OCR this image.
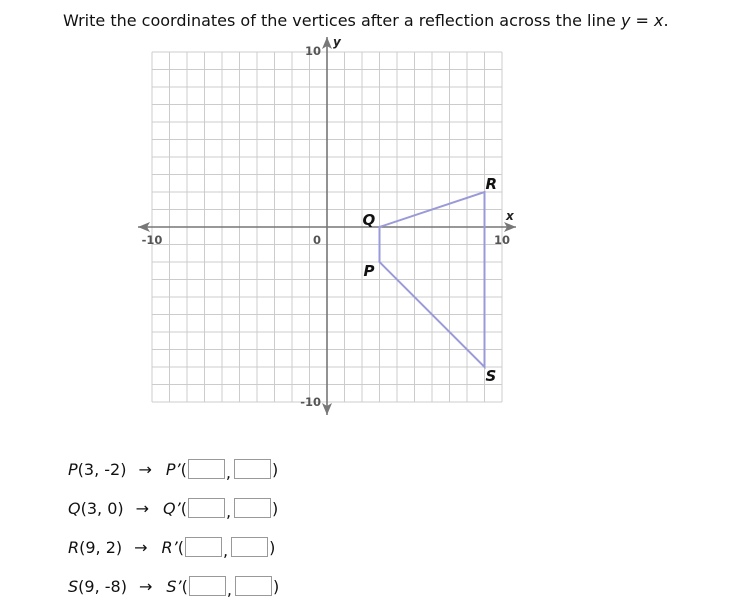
Write the coordinates of the vertices after a reflection across the line y = x.
P
Q
R
S
-10	10
10
-10
0
x
y
P(3, -2) → P’( ,	)
Q(3, 0) → Q’( ,	)
R(9, 2) → R’( ,	)
S(9, -8) → S’( ,	)
